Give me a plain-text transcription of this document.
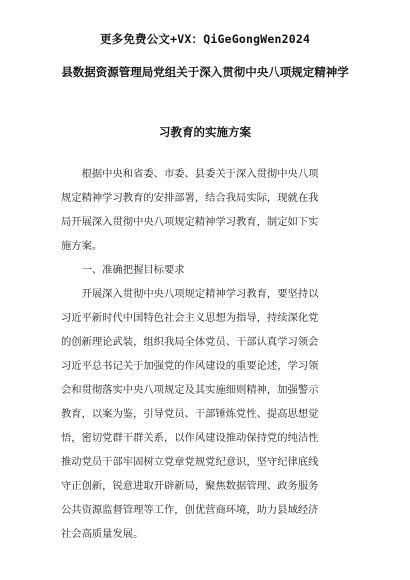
更多免费公文+VX：QiGeGongWen2024
县数据资源管理局党组关于深入贯彻中央八项规定精神学
习教育的实施方案
　　根据中央和省委、市委、县委关于深入贯彻中央八项
规定精神学习教育的安排部署，结合我局实际，现就在我
局开展深入贯彻中央八项规定精神学习教育，制定如下实
施方案。
　　一、准确把握目标要求
　　开展深入贯彻中央八项规定精神学习教育，要坚持以
习近平新时代中国特色社会主义思想为指导，持续深化党
的创新理论武装，组织我局全体党员、干部认真学习领会
习近平总书记关于加强党的作风建设的重要论述，学习领
会和贯彻落实中央八项规定及其实施细则精神，加强警示
教育，以案为鉴，引导党员、干部锤炼党性、提高思想觉
悟，密切党群干群关系，以作风建设推动保持党的纯洁性
推动党员干部牢固树立党章党规党纪意识，坚守纪律底线
守正创新，锐意进取开辟新局，聚焦数据管理、政务服务
公共资源监督管理等工作，创优营商环境，助力县域经济
社会高质量发展。
